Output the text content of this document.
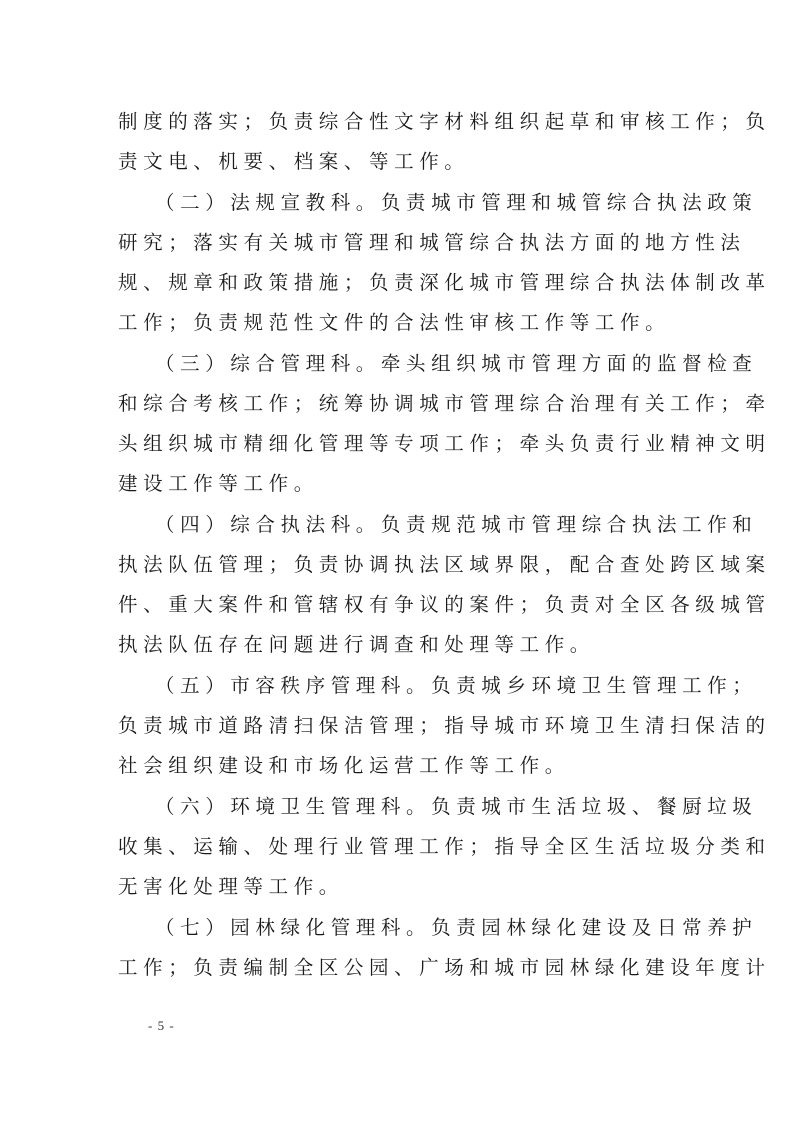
制度的落实；负责综合性文字材料组织起草和审核工作；负
责文电、机要、档案、等工作。
（二）法规宣教科。负责城市管理和城管综合执法政策
研究；落实有关城市管理和城管综合执法方面的地方性法
规、规章和政策措施；负责深化城市管理综合执法体制改革
工作；负责规范性文件的合法性审核工作等工作。
（三）综合管理科。牵头组织城市管理方面的监督检查
和综合考核工作；统筹协调城市管理综合治理有关工作；牵
头组织城市精细化管理等专项工作；牵头负责行业精神文明
建设工作等工作。
（四）综合执法科。负责规范城市管理综合执法工作和
执法队伍管理；负责协调执法区域界限，配合查处跨区域案
件、重大案件和管辖权有争议的案件；负责对全区各级城管
执法队伍存在问题进行调查和处理等工作。
（五）市容秩序管理科。负责城乡环境卫生管理工作；
负责城市道路清扫保洁管理；指导城市环境卫生清扫保洁的
社会组织建设和市场化运营工作等工作。
（六）环境卫生管理科。负责城市生活垃圾、餐厨垃圾
收集、运输、处理行业管理工作；指导全区生活垃圾分类和
无害化处理等工作。
（七）园林绿化管理科。负责园林绿化建设及日常养护
工作；负责编制全区公园、广场和城市园林绿化建设年度计
- 5 -
